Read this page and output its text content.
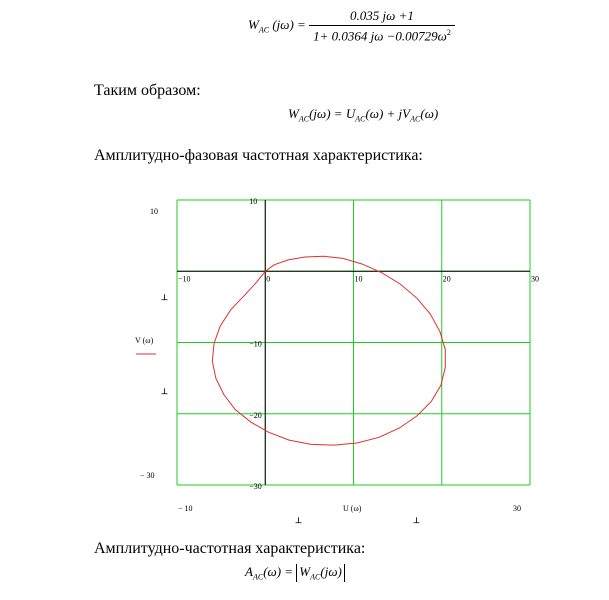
$W_{AC}$ $(j\omega) = \frac{0.035 j\omega +1}{1+ 0.0364 j\omega -0.00729\omega^2}$
Таким образом:
$W_{AC}(j\omega) = U_{AC}(\omega) + jV_{AC}(\omega)$
Амплитудно-фазовая частотная характеристика:
−10	0	10	20	30
10
−10
−20
−30
10
− 30
− 10	30
V (ω)
U (ω)
⊥
⊥
⊥	⊥
Амплитудно-частотная характеристика:
$A_{AC}(\omega) = W_{AC}(j\omega)$
